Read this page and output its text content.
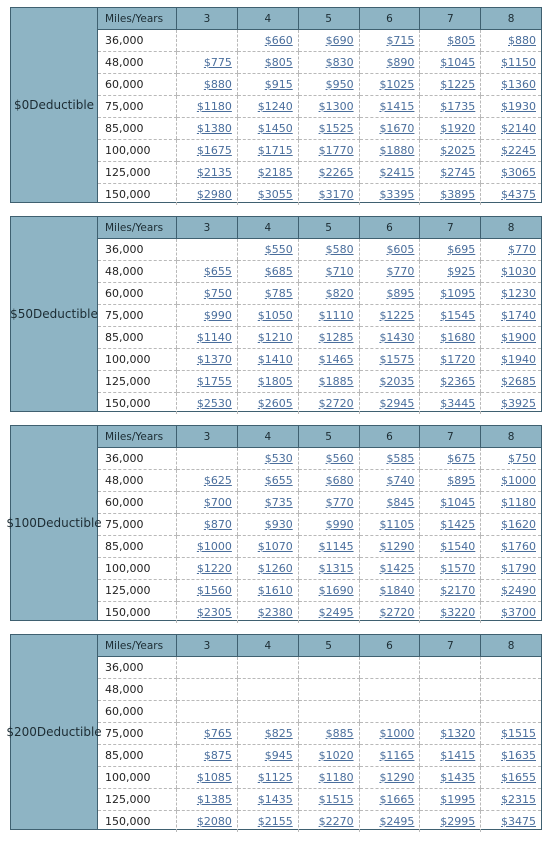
$0 Deductible
Miles/Years	3	4	5	6	7	8
36,000		$660	$690	$715	$805	$880
48,000	$775	$805	$830	$890	$1045	$1150
60,000	$880	$915	$950	$1025	$1225	$1360
75,000	$1180	$1240	$1300	$1415	$1735	$1930
85,000	$1380	$1450	$1525	$1670	$1920	$2140
100,000	$1675	$1715	$1770	$1880	$2025	$2245
125,000	$2135	$2185	$2265	$2415	$2745	$3065
150,000	$2980	$3055	$3170	$3395	$3895	$4375
$50 Deductible
Miles/Years	3	4	5	6	7	8
36,000		$550	$580	$605	$695	$770
48,000	$655	$685	$710	$770	$925	$1030
60,000	$750	$785	$820	$895	$1095	$1230
75,000	$990	$1050	$1110	$1225	$1545	$1740
85,000	$1140	$1210	$1285	$1430	$1680	$1900
100,000	$1370	$1410	$1465	$1575	$1720	$1940
125,000	$1755	$1805	$1885	$2035	$2365	$2685
150,000	$2530	$2605	$2720	$2945	$3445	$3925
$100 Deductible
Miles/Years	3	4	5	6	7	8
36,000		$530	$560	$585	$675	$750
48,000	$625	$655	$680	$740	$895	$1000
60,000	$700	$735	$770	$845	$1045	$1180
75,000	$870	$930	$990	$1105	$1425	$1620
85,000	$1000	$1070	$1145	$1290	$1540	$1760
100,000	$1220	$1260	$1315	$1425	$1570	$1790
125,000	$1560	$1610	$1690	$1840	$2170	$2490
150,000	$2305	$2380	$2495	$2720	$3220	$3700
$200 Deductible
Miles/Years	3	4	5	6	7	8
36,000						
48,000						
60,000						
75,000	$765	$825	$885	$1000	$1320	$1515
85,000	$875	$945	$1020	$1165	$1415	$1635
100,000	$1085	$1125	$1180	$1290	$1435	$1655
125,000	$1385	$1435	$1515	$1665	$1995	$2315
150,000	$2080	$2155	$2270	$2495	$2995	$3475
